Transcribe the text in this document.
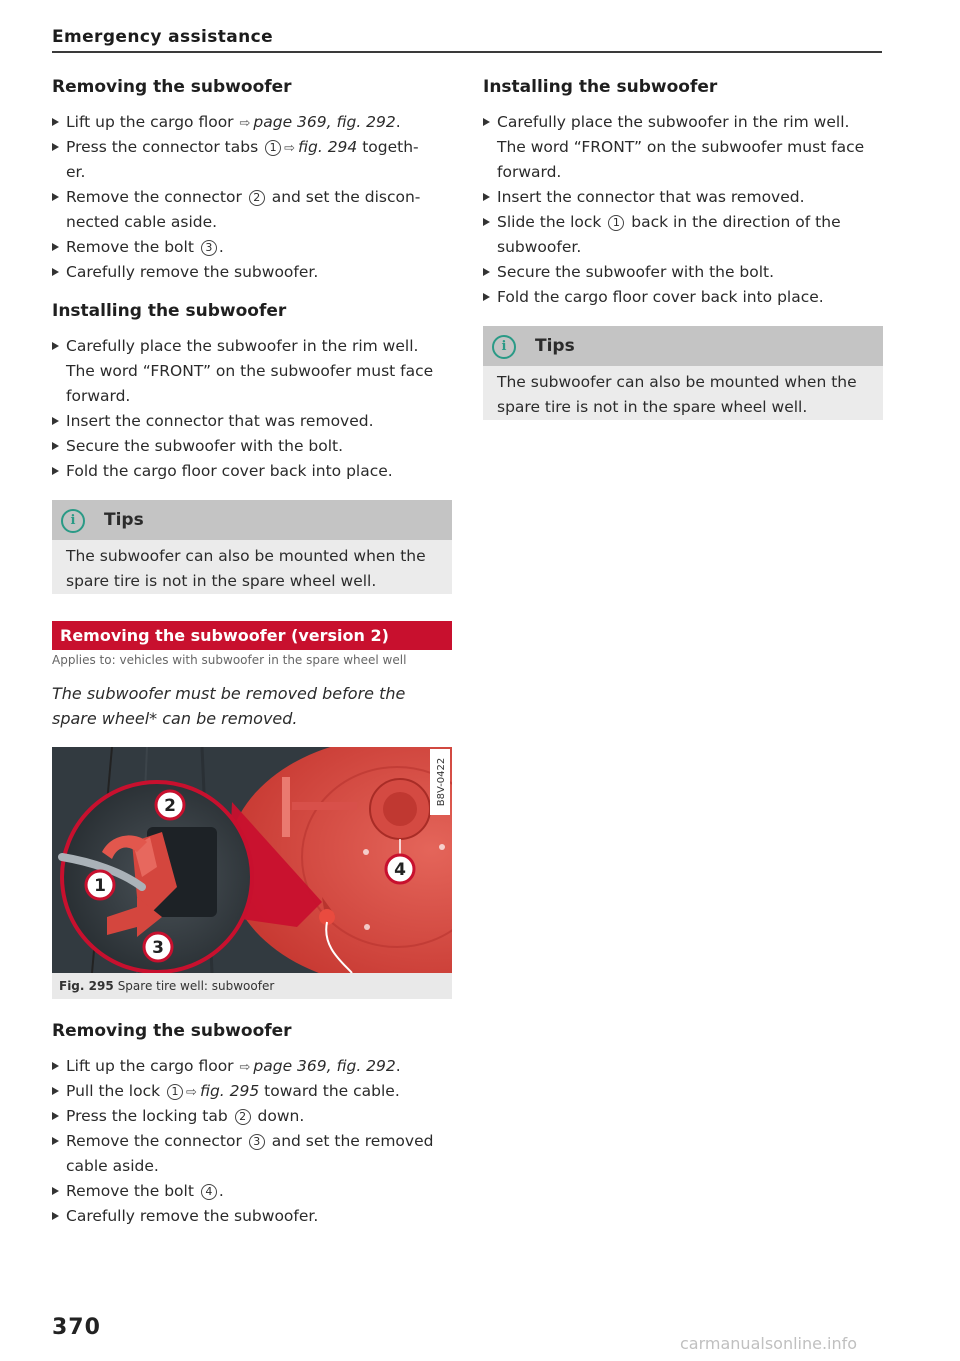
Emergency assistance
Removing the subwoofer
Lift up the cargo floor ⇨ page 369, fig. 292.
Press the connector tabs 1 ⇨ fig. 294 togeth-
er.
Remove the connector 2 and set the discon-
nected cable aside.
Remove the bolt 3 .
Carefully remove the subwoofer.
Installing the subwoofer
Carefully place the subwoofer in the rim well.
The word “FRONT” on the subwoofer must face
forward.
Insert the connector that was removed.
Secure the subwoofer with the bolt.
Fold the cargo floor cover back into place.
i	Tips
The subwoofer can also be mounted when the
spare tire is not in the spare wheel well.
Removing the subwoofer (version 2)
Applies to: vehicles with subwoofer in the spare wheel well
The subwoofer must be removed before the
spare wheel* can be removed.
1
2
3
4
B8V-0422
Fig. 295 Spare tire well: subwoofer
Removing the subwoofer
Lift up the cargo floor ⇨ page 369, fig. 292.
Pull the lock 1 ⇨ fig. 295 toward the cable.
Press the locking tab 2 down.
Remove the connector 3 and set the removed
cable aside.
Remove the bolt 4 .
Carefully remove the subwoofer.
Installing the subwoofer
Carefully place the subwoofer in the rim well.
The word “FRONT” on the subwoofer must face
forward.
Insert the connector that was removed.
Slide the lock 1 back in the direction of the
subwoofer.
Secure the subwoofer with the bolt.
Fold the cargo floor cover back into place.
i	Tips
The subwoofer can also be mounted when the
spare tire is not in the spare wheel well.
370
carmanualsonline.info
